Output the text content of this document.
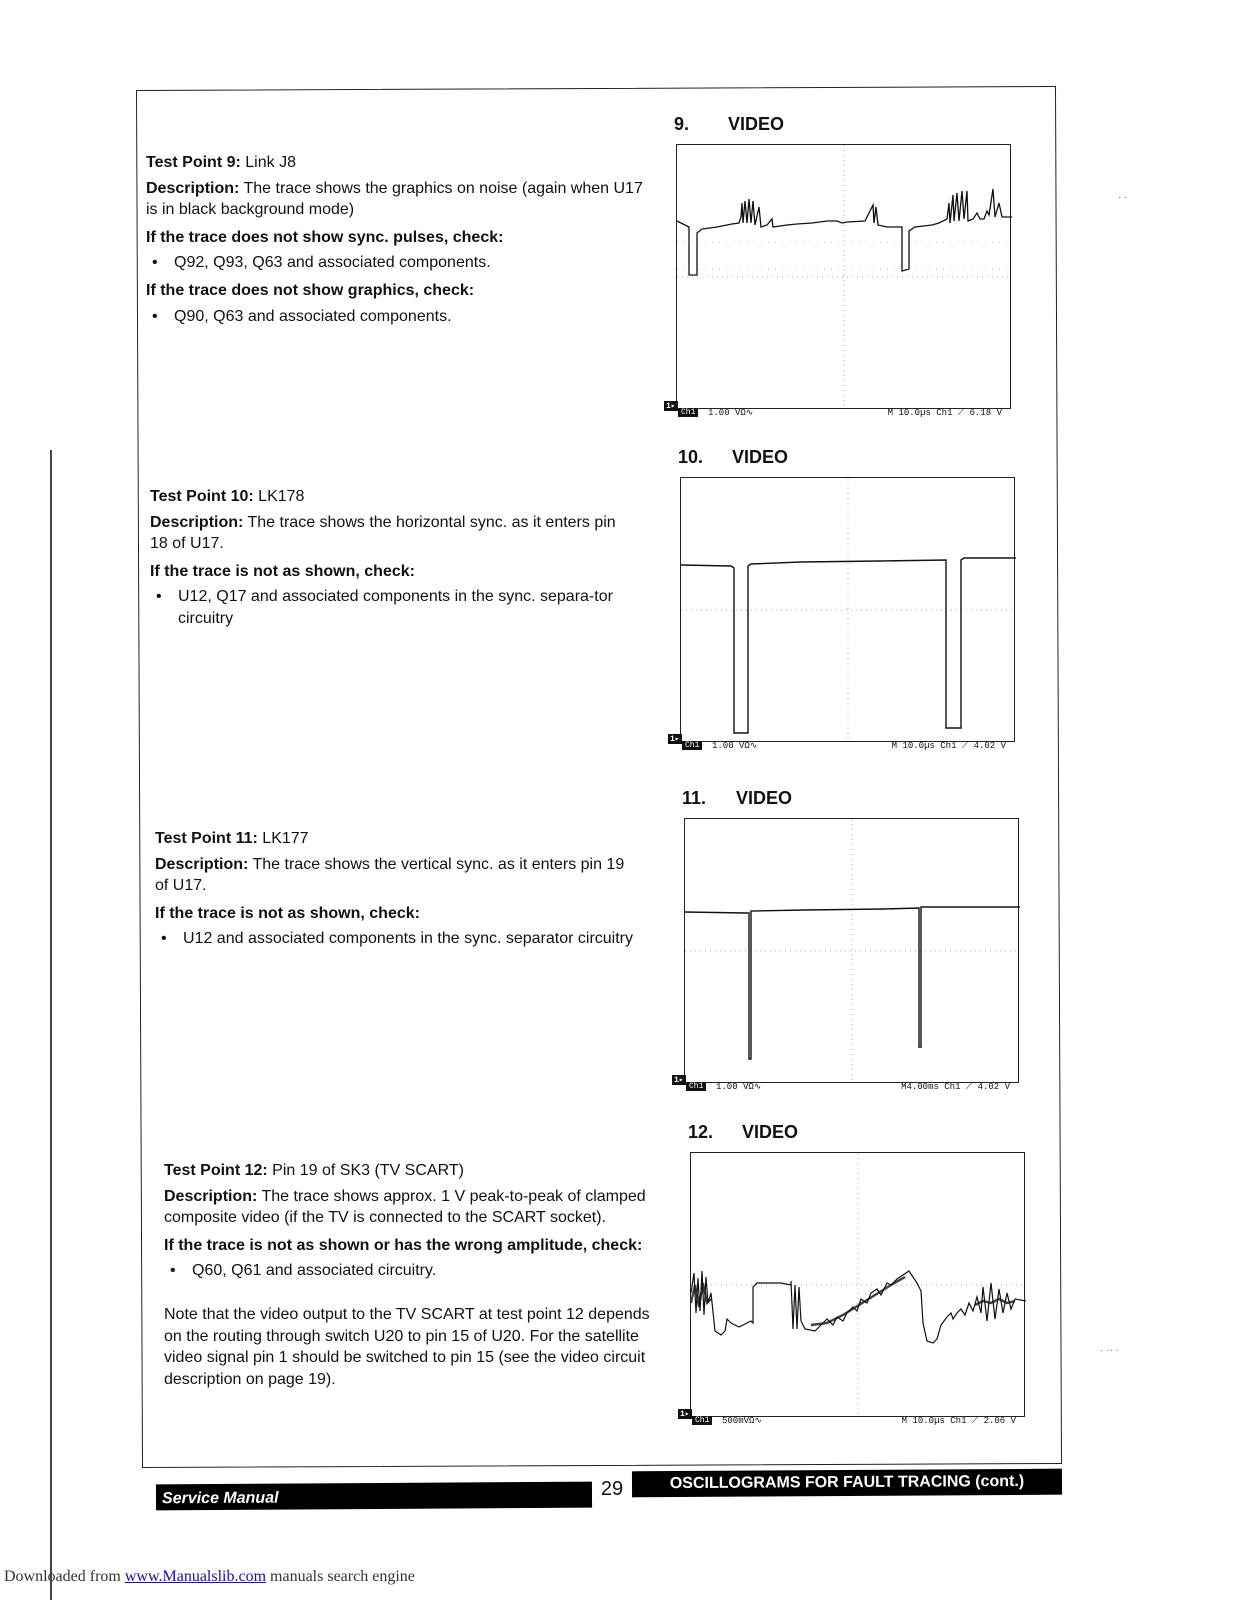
Test Point 9: Link J8

Description: The trace shows the graphics on noise (again when U17 is in black background mode)

If the trace does not show sync. pulses, check:

• Q92, Q93, Q63 and associated components.

If the trace does not show graphics, check:

• Q90, Q63 and associated components.

Test Point 10: LK178

Description: The trace shows the horizontal sync. as it enters pin 18 of U17.

If the trace is not as shown, check:

• U12, Q17 and associated components in the sync. separa-tor circuitry

Test Point 11: LK177

Description: The trace shows the vertical sync. as it enters pin 19 of U17.

If the trace is not as shown, check:

• U12 and associated components in the sync. separator circuitry

Test Point 12: Pin 19 of SK3 (TV SCART)

Description: The trace shows approx. 1 V peak-to-peak of clamped composite video (if the TV is connected to the SCART socket).

If the trace is not as shown or has the wrong amplitude, check:

• Q60, Q61 and associated circuitry.

Note that the video output to the TV SCART at test point 12 depends on the routing through switch U20 to pin 15 of U20. For the satellite video signal pin 1 should be switched to pin 15 (see the video circuit description on page 19).

9. VIDEO
1▸
Ch1	1.00 VΩ∿	M 10.0µs Ch1 ⟋ 6.18 V
10. VIDEO
1▸
Ch1	1.00 VΩ∿	M 10.0µs Ch1 ⟋ 4.02 V
11. VIDEO
1▸
Ch1	1.00 VΩ∿	M4.00ms Ch1 ⟋ 4.02 V
12. VIDEO
1▸
Ch1	500mVΩ∿	M 10.0µs Ch1 ⟋ 2.06 V
Service Manual	29	OSCILLOGRAMS FOR FAULT TRACING (cont.)
Downloaded from www.Manualslib.com manuals search engine
· ·
· ·· ·
